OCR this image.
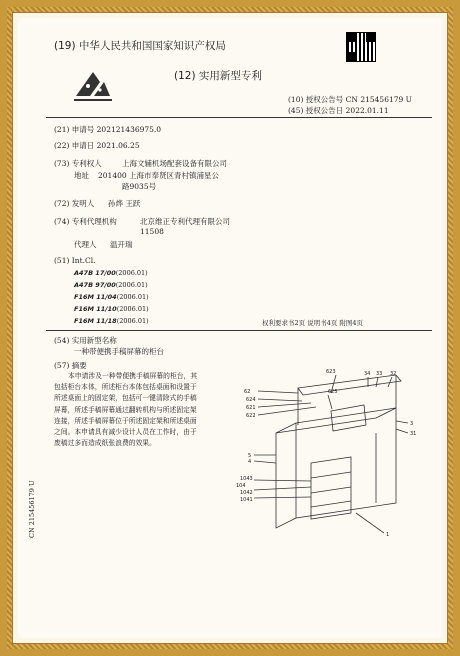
(19) 中华人民共和国国家知识产权局
(12) 实用新型专利
(10) 授权公告号 CN 215456179 U
(45) 授权公告日 2022.01.11
(21) 申请号 202121436975.0
(22) 申请日 2021.06.25
(73) 专利权人	上海文辅机场配套设备有限公司
地址 201400 上海市奉贤区青村镇浦星公
路9035号
(72) 发明人 孙烨 王跃
(74) 专利代理机构	北京维正专利代理有限公司
11508
代理人 温开瑞
(51) Int.Cl.
A47B 17/00(2006.01)
A47B 97/00(2006.01)
F16M 11/04(2006.01)
F16M 11/10(2006.01)
F16M 11/18(2006.01)	权利要求书2页 说明书4页 附图4页
(54) 实用新型名称
一种带便携手稿屏幕的柜台
(57) 摘要
本申请涉及一种带便携手稿屏幕的柜台，其
包括柜台本体，所述柜台本体包括桌面和设置于
所述桌面上的固定架，包括可一键清除式的手稿
屏幕，所述手稿屏幕通过翻转机构与所述固定架
连接，所述手稿屏幕位于所述固定架和所述桌面
之间。本申请具有减少设计人员在工作时，由于
废稿过多而造成纸张浪费的效果。
623	34 33 32
62
624
621
622
625
3
31
5
4
1043
104
1042
1041
1
CN 215456179 U
